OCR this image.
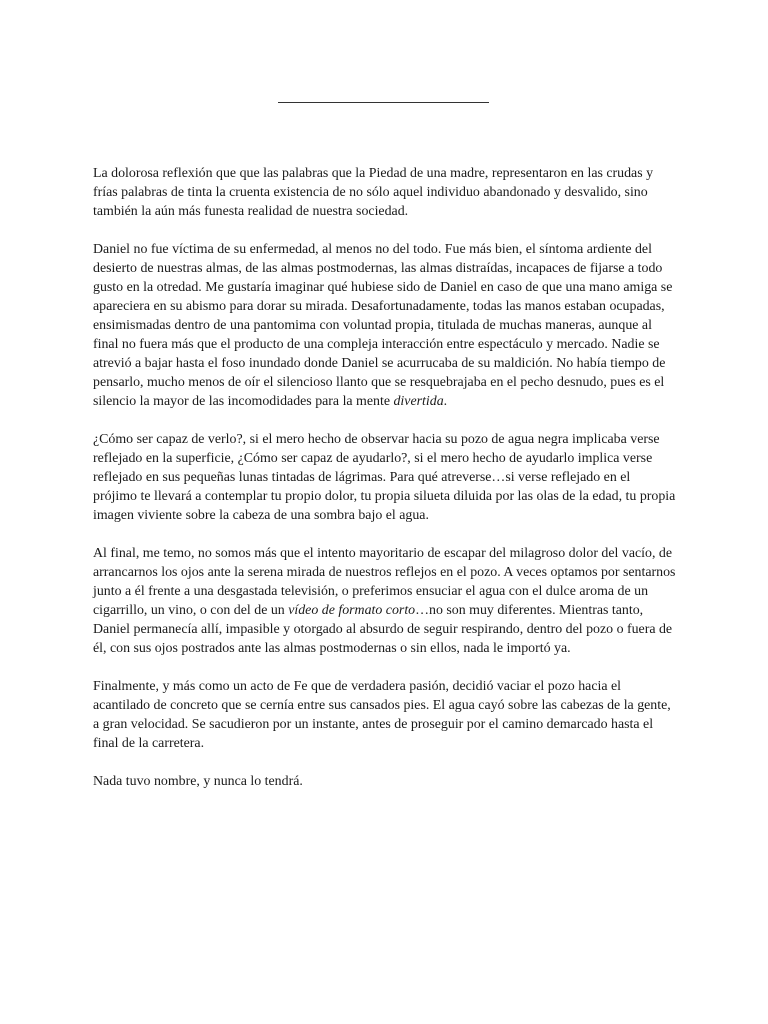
La dolorosa reflexión que que las palabras que la Piedad de una madre, representaron en las crudas y frías palabras de tinta la cruenta existencia de no sólo aquel individuo abandonado y desvalido, sino también la aún más funesta realidad de nuestra sociedad.

Daniel no fue víctima de su enfermedad, al menos no del todo. Fue más bien, el síntoma ardiente del desierto de nuestras almas, de las almas postmodernas, las almas distraídas, incapaces de fijarse a todo gusto en la otredad. Me gustaría imaginar qué hubiese sido de Daniel en caso de que una mano amiga se apareciera en su abismo para dorar su mirada. Desafortunadamente, todas las manos estaban ocupadas, ensimismadas dentro de una pantomima con voluntad propia, titulada de muchas maneras, aunque al final no fuera más que el producto de una compleja interacción entre espectáculo y mercado. Nadie se atrevió a bajar hasta el foso inundado donde Daniel se acurrucaba de su maldición. No había tiempo de pensarlo, mucho menos de oír el silencioso llanto que se resquebrajaba en el pecho desnudo, pues es el silencio la mayor de las incomodidades para la mente divertida.

¿Cómo ser capaz de verlo?, si el mero hecho de observar hacia su pozo de agua negra implicaba verse reflejado en la superficie, ¿Cómo ser capaz de ayudarlo?, si el mero hecho de ayudarlo implica verse reflejado en sus pequeñas lunas tintadas de lágrimas. Para qué atreverse…si verse reflejado en el prójimo te llevará a contemplar tu propio dolor, tu propia silueta diluida por las olas de la edad, tu propia imagen viviente sobre la cabeza de una sombra bajo el agua.

Al final, me temo, no somos más que el intento mayoritario de escapar del milagroso dolor del vacío, de arrancarnos los ojos ante la serena mirada de nuestros reflejos en el pozo. A veces optamos por sentarnos junto a él frente a una desgastada televisión, o preferimos ensuciar el agua con el dulce aroma de un cigarrillo, un vino, o con del de un vídeo de formato corto…no son muy diferentes. Mientras tanto, Daniel permanecía allí, impasible y otorgado al absurdo de seguir respirando, dentro del pozo o fuera de él, con sus ojos postrados ante las almas postmodernas o sin ellos, nada le importó ya.

Finalmente, y más como un acto de Fe que de verdadera pasión, decidió vaciar el pozo hacia el acantilado de concreto que se cernía entre sus cansados pies. El agua cayó sobre las cabezas de la gente, a gran velocidad. Se sacudieron por un instante, antes de proseguir por el camino demarcado hasta el final de la carretera.

Nada tuvo nombre, y nunca lo tendrá.
